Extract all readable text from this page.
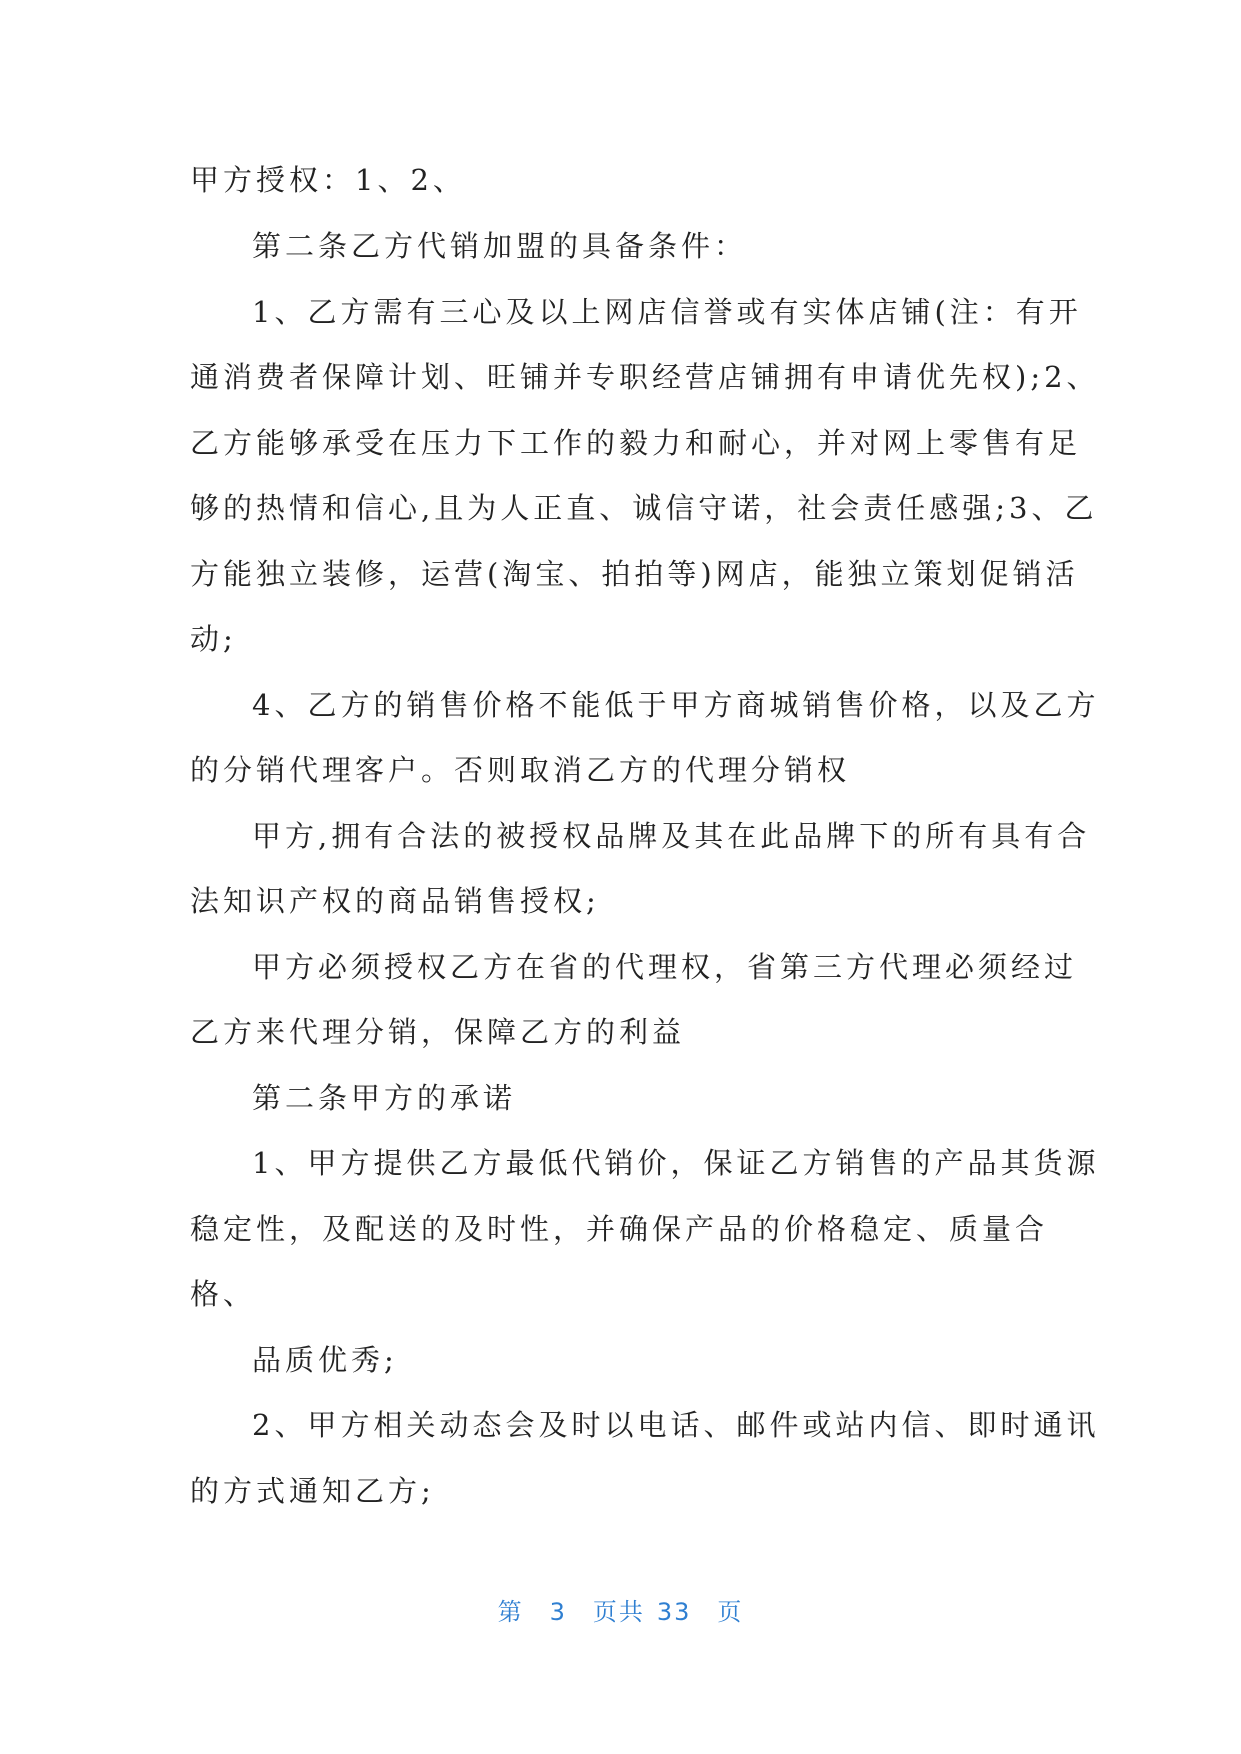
甲方授权：1、2、
第二条乙方代销加盟的具备条件：
1、乙方需有三心及以上网店信誉或有实体店铺(注：有开
通消费者保障计划、旺铺并专职经营店铺拥有申请优先权);2、
乙方能够承受在压力下工作的毅力和耐心，并对网上零售有足
够的热情和信心,且为人正直、诚信守诺，社会责任感强;3、乙
方能独立装修，运营(淘宝、拍拍等)网店，能独立策划促销活
动;
4、乙方的销售价格不能低于甲方商城销售价格，以及乙方
的分销代理客户。否则取消乙方的代理分销权
甲方,拥有合法的被授权品牌及其在此品牌下的所有具有合
法知识产权的商品销售授权;
甲方必须授权乙方在省的代理权，省第三方代理必须经过
乙方来代理分销，保障乙方的利益
第二条甲方的承诺
1、甲方提供乙方最低代销价，保证乙方销售的产品其货源
稳定性，及配送的及时性，并确保产品的价格稳定、质量合
格、
品质优秀;
2、甲方相关动态会及时以电话、邮件或站内信、即时通讯
的方式通知乙方;
第 3 页共 33 页
